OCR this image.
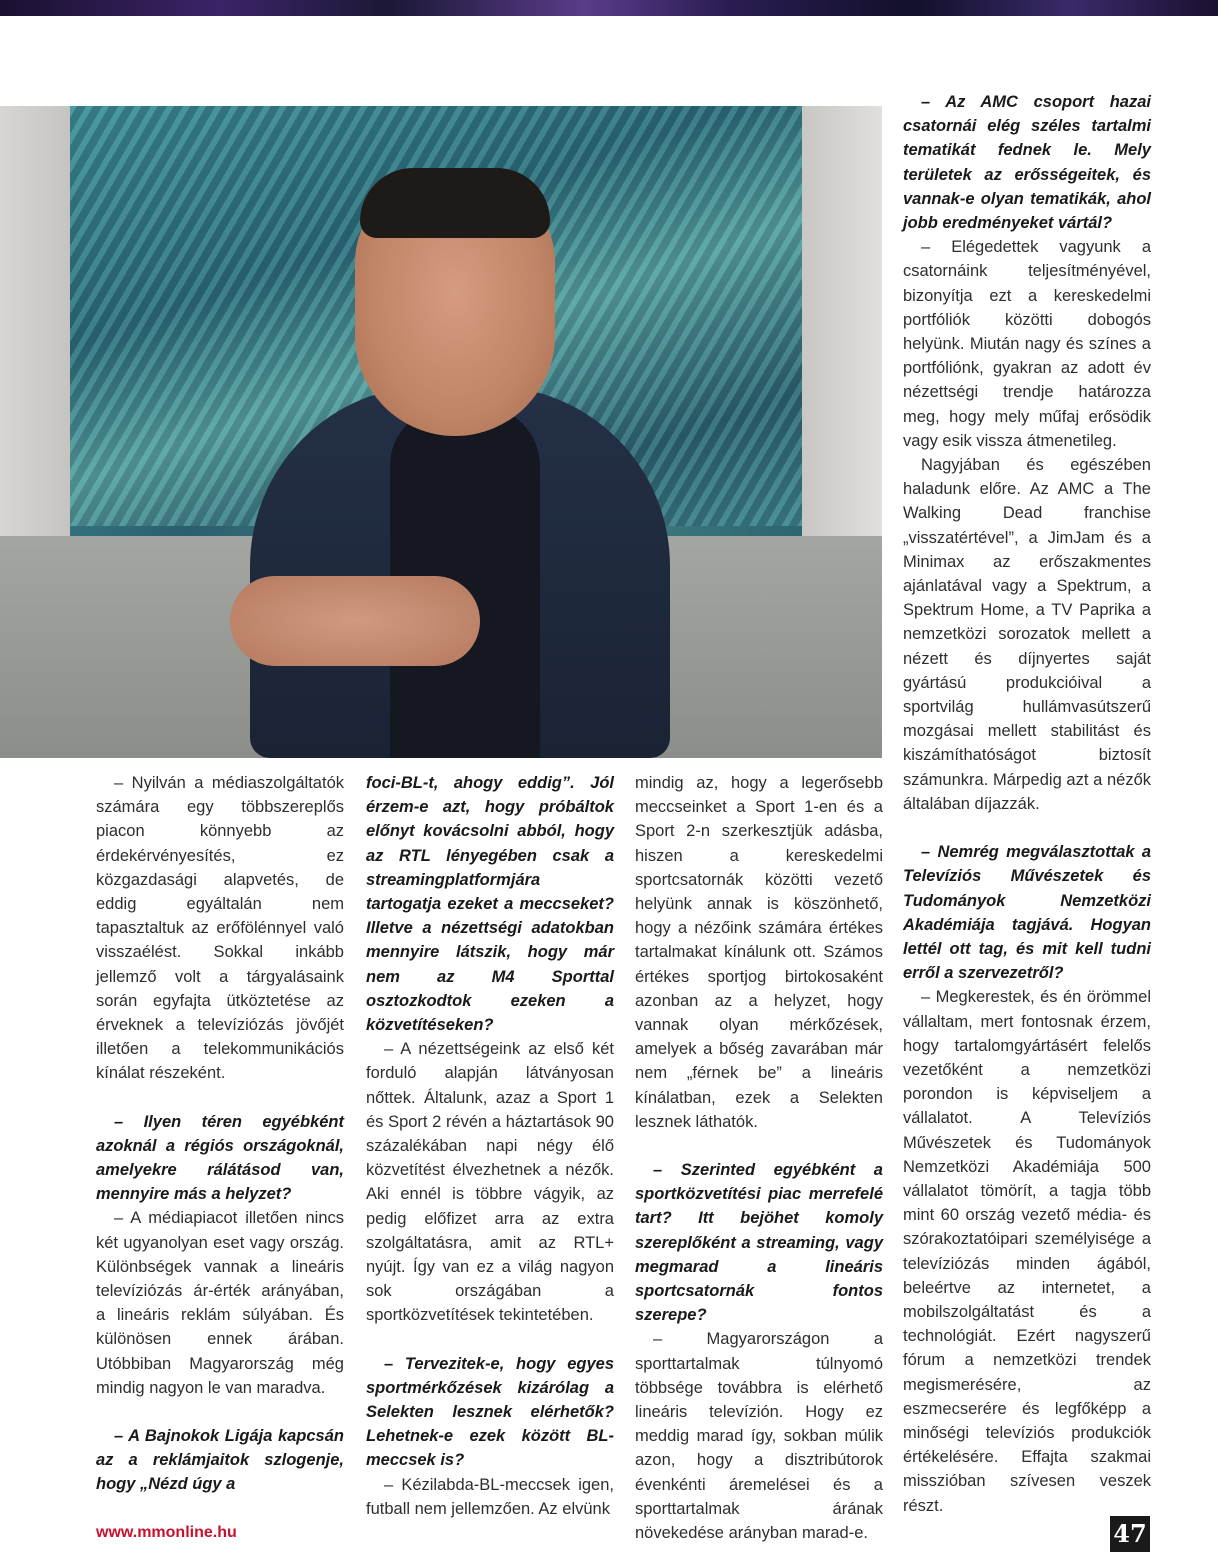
– Nyilván a médiaszolgáltatók számára egy többszereplős piacon könnyebb az érdekérvényesítés, ez közgazdasági alapvetés, de eddig egyáltalán nem tapasztaltuk az erőfölénnyel való visszaélést. Sokkal inkább jellemző volt a tárgyalásaink során egyfajta ütköztetése az érveknek a televíziózás jövőjét illetően a telekommunikációs kínálat részeként.

– Ilyen téren egyébként azoknál a régiós országoknál, amelyekre rálátásod van, mennyire más a helyzet?

– A médiapiacot illetően nincs két ugyanolyan eset vagy ország. Különbségek vannak a lineáris televíziózás ár-érték arányában, a lineáris reklám súlyában. És különösen ennek árában. Utóbbiban Magyarország még mindig nagyon le van maradva.

– A Bajnokok Ligája kapcsán az a reklámjaitok szlogenje, hogy „Nézd úgy a

foci-BL-t, ahogy eddig”. Jól érzem-e azt, hogy próbáltok előnyt kovácsolni abból, hogy az RTL lényegében csak a streamingplatformjára tartogatja ezeket a meccseket? Illetve a nézettségi adatokban mennyire látszik, hogy már nem az M4 Sporttal osztozkodtok ezeken a közvetítéseken?

– A nézettségeink az első két forduló alapján látványosan nőttek. Általunk, azaz a Sport 1 és Sport 2 révén a háztartások 90 százalékában napi négy élő közvetítést élvezhetnek a nézők. Aki ennél is többre vágyik, az pedig előfizet arra az extra szolgáltatásra, amit az RTL+ nyújt. Így van ez a világ nagyon sok országában a sportközvetítések tekintetében.

– Tervezitek-e, hogy egyes sportmérkőzések kizárólag a Selekten lesznek elérhetők? Lehetnek-e ezek között BL-meccsek is?

– Kézilabda-BL-meccsek igen, futball nem jellemzően. Az elvünk

mindig az, hogy a legerősebb meccseinket a Sport 1-en és a Sport 2-n szerkesztjük adásba, hiszen a kereskedelmi sportcsatornák közötti vezető helyünk annak is köszönhető, hogy a nézőink számára értékes tartalmakat kínálunk ott. Számos értékes sportjog birtokosaként azonban az a helyzet, hogy vannak olyan mérkőzések, amelyek a bőség zavarában már nem „férnek be” a lineáris kínálatban, ezek a Selekten lesznek láthatók.

– Szerinted egyébként a sportközvetítési piac merrefelé tart? Itt bejöhet komoly szereplőként a streaming, vagy megmarad a lineáris sportcsatornák fontos szerepe?

– Magyarországon a sporttartalmak túlnyomó többsége továbbra is elérhető lineáris televízión. Hogy ez meddig marad így, sokban múlik azon, hogy a disztribútorok évenkénti áremelései és a sporttartalmak árának növekedése arányban marad-e.

– Az AMC csoport hazai csatornái elég széles tartalmi tematikát fednek le. Mely területek az erősségeitek, és vannak-e olyan tematikák, ahol jobb eredményeket vártál?

– Elégedettek vagyunk a csatornáink teljesítményével, bizonyítja ezt a kereskedelmi portfóliók közötti dobogós helyünk. Miután nagy és színes a portfóliónk, gyakran az adott év nézettségi trendje határozza meg, hogy mely műfaj erősödik vagy esik vissza átmenetileg.

Nagyjában és egészében haladunk előre. Az AMC a The Walking Dead franchise „visszatértével”, a JimJam és a Minimax az erőszakmentes ajánlatával vagy a Spektrum, a Spektrum Home, a TV Paprika a nemzetközi sorozatok mellett a nézett és díjnyertes saját gyártású produkcióival a sportvilág hullámvasútszerű mozgásai mellett stabilitást és kiszámíthatóságot biztosít számunkra. Márpedig azt a nézők általában díjazzák.

– Nemrég megválasztottak a Televíziós Művészetek és Tudományok Nemzetközi Akadémiája tagjává. Hogyan lettél ott tag, és mit kell tudni erről a szervezetről?

– Megkerestek, és én örömmel vállaltam, mert fontosnak érzem, hogy tartalomgyártásért felelős vezetőként a nemzetközi porondon is képviseljem a vállalatot. A Televíziós Művészetek és Tudományok Nemzetközi Akadémiája 500 vállalatot tömörít, a tagja több mint 60 ország vezető média- és szórakoztatóipari személyisége a televíziózás minden ágából, beleértve az internetet, a mobilszolgáltatást és a technológiát. Ezért nagyszerű fórum a nemzetközi trendek megismerésére, az eszmecserére és legfőképp a minőségi televíziós produkciók értékelésére. Effajta szakmai misszióban szívesen veszek részt.

www.mmonline.hu	47
